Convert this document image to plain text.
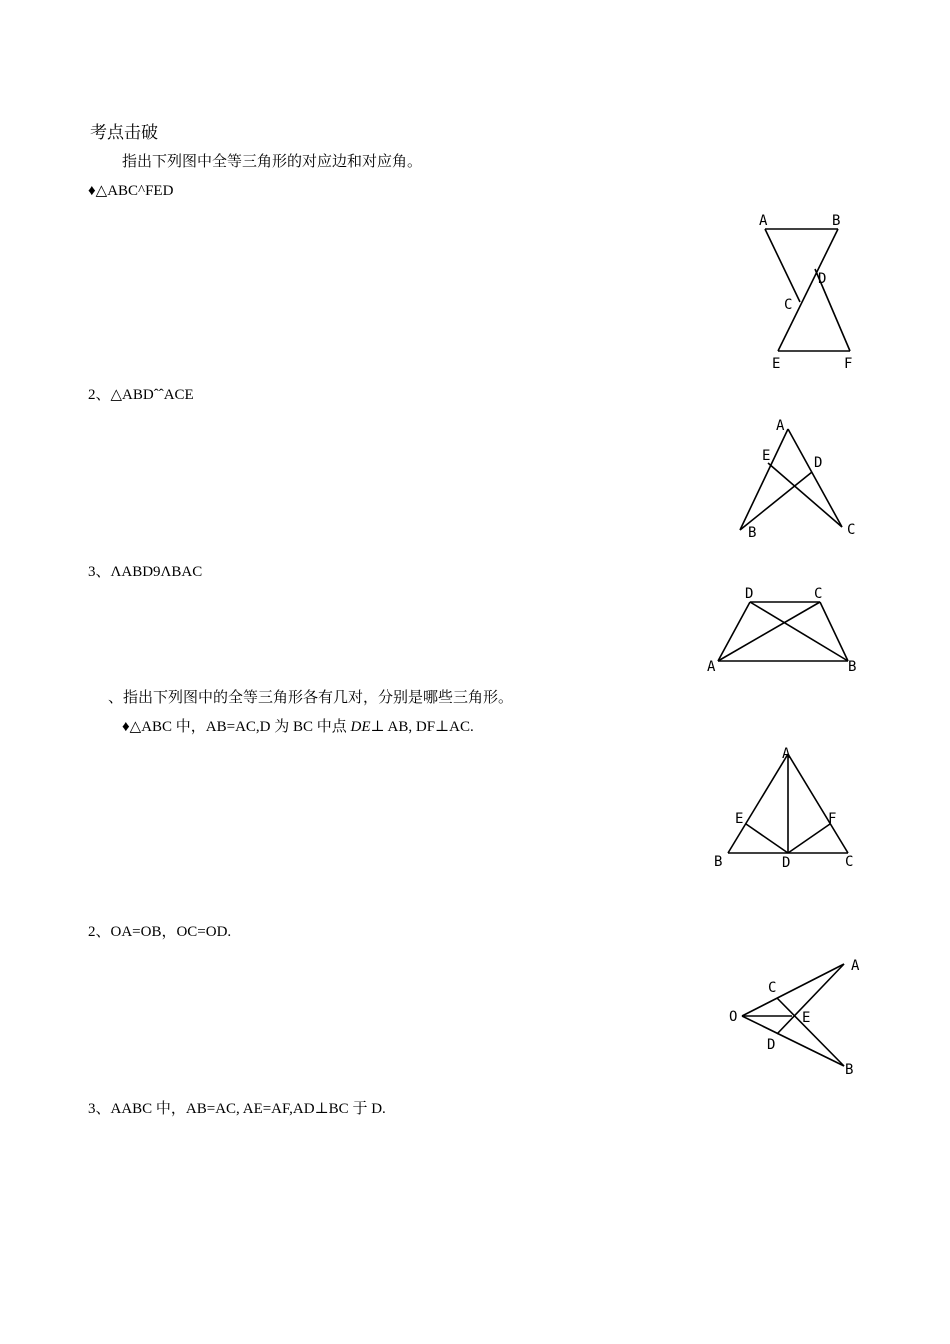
考点击破
指出下列图中全等三角形的对应边和对应角。
♦△ABC^FED
A	B
D
C
E	F
2、△ABDˆˆACE
A
E	D
B	C
3、ΛABD9ΛBAC
D	C
A	B
、指出下列图中的全等三角形各有几对，分别是哪些三角形。
♦△ABC 中，AB=AC,D 为 BC 中点 DE⊥ AB, DF⊥AC.
A
E	F
B	D	C
2、OA=OB，OC=OD.
A
C
O	E
D
B
3、AABC 中，AB=AC, AE=AF,AD⊥BC 于 D.
